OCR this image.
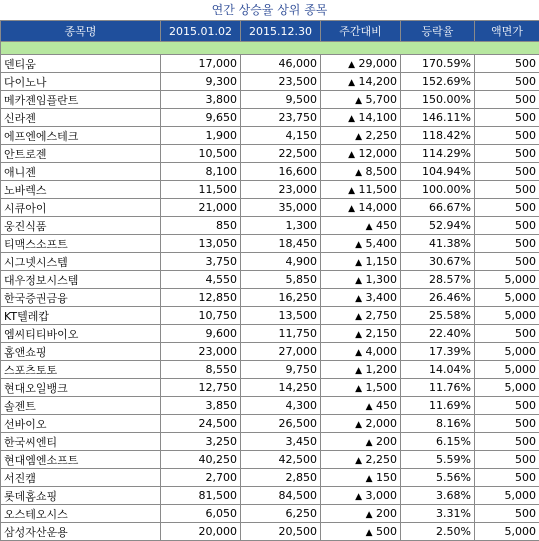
연간 상승율 상위 종목
종목명	2015.01.02	2015.12.30	주간대비	등락율	액면가

덴티움	17,000	46,000	▲ 29,000	170.59%	500
다이노나	9,300	23,500	▲ 14,200	152.69%	500
메카젠임플란트	3,800	9,500	▲ 5,700	150.00%	500
신라젠	9,650	23,750	▲ 14,100	146.11%	500
에프엔에스테크	1,900	4,150	▲ 2,250	118.42%	500
안트로젠	10,500	22,500	▲ 12,000	114.29%	500
애니젠	8,100	16,600	▲ 8,500	104.94%	500
노바렉스	11,500	23,000	▲ 11,500	100.00%	500
시큐아이	21,000	35,000	▲ 14,000	66.67%	500
웅진식품	850	1,300	▲ 450	52.94%	500
티맥스소프트	13,050	18,450	▲ 5,400	41.38%	500
시그넷시스템	3,750	4,900	▲ 1,150	30.67%	500
대우정보시스템	4,550	5,850	▲ 1,300	28.57%	5,000
한국증권금융	12,850	16,250	▲ 3,400	26.46%	5,000
KT텔레캅	10,750	13,500	▲ 2,750	25.58%	5,000
엠씨티티바이오	9,600	11,750	▲ 2,150	22.40%	500
홈앤쇼핑	23,000	27,000	▲ 4,000	17.39%	5,000
스포츠토토	8,550	9,750	▲ 1,200	14.04%	5,000
현대오일뱅크	12,750	14,250	▲ 1,500	11.76%	5,000
솔젠트	3,850	4,300	▲ 450	11.69%	500
선바이오	24,500	26,500	▲ 2,000	8.16%	500
한국씨엔티	3,250	3,450	▲ 200	6.15%	500
현대엠엔소프트	40,250	42,500	▲ 2,250	5.59%	500
서진캠	2,700	2,850	▲ 150	5.56%	500
롯데홈쇼핑	81,500	84,500	▲ 3,000	3.68%	5,000
오스테오시스	6,050	6,250	▲ 200	3.31%	500
삼성자산운용	20,000	20,500	▲ 500	2.50%	5,000
